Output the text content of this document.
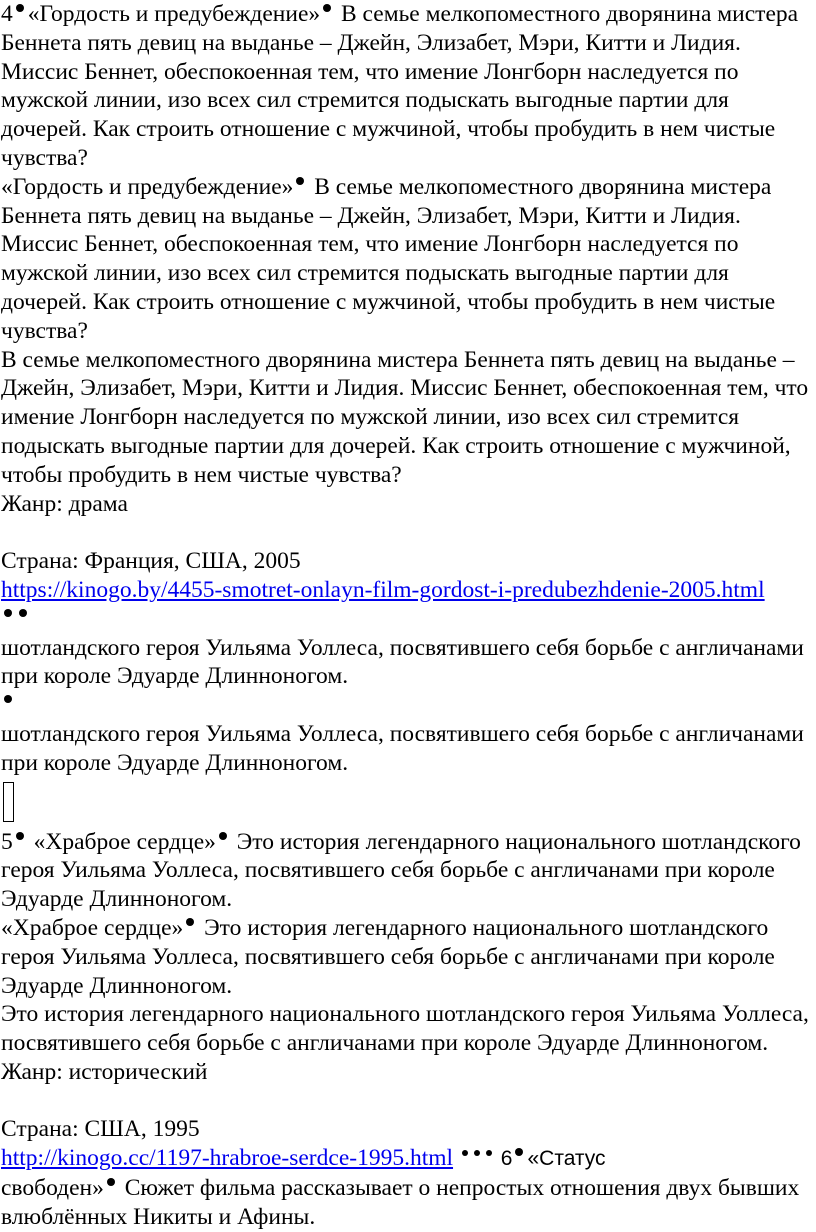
4 «Гордость и предубеждение» В семье мелкопоместного дворянина мистера Беннета пять девиц на выданье – Джейн, Элизабет, Мэри, Китти и Лидия. Миссис Беннет, обеспокоенная тем, что имение Лонгборн наследуется по мужской линии, изо всех сил стремится подыскать выгодные партии для дочерей. Как строить отношение с мужчиной, чтобы пробудить в нем чистые чувства?

«Гордость и предубеждение» В семье мелкопоместного дворянина мистера Беннета пять девиц на выданье – Джейн, Элизабет, Мэри, Китти и Лидия. Миссис Беннет, обеспокоенная тем, что имение Лонгборн наследуется по мужской линии, изо всех сил стремится подыскать выгодные партии для дочерей. Как строить отношение с мужчиной, чтобы пробудить в нем чистые чувства?

В семье мелкопоместного дворянина мистера Беннета пять девиц на выданье – Джейн, Элизабет, Мэри, Китти и Лидия. Миссис Беннет, обеспокоенная тем, что имение Лонгборн наследуется по мужской линии, изо всех сил стремится подыскать выгодные партии для дочерей. Как строить отношение с мужчиной, чтобы пробудить в нем чистые чувства?

Жанр: драма

Страна: Франция, США, 2005

https://kinogo.by/4455-smotret-onlayn-film-gordost-i-predubezhdenie-2005.html

шотландского героя Уильяма Уоллеса, посвятившего себя борьбе с англичанами при короле Эдуарде Длинноногом.

шотландского героя Уильяма Уоллеса, посвятившего себя борьбе с англичанами при короле Эдуарде Длинноногом.

5 «Храброе сердце» Это история легендарного национального шотландского героя Уильяма Уоллеса, посвятившего себя борьбе с англичанами при короле Эдуарде Длинноногом.

«Храброе сердце» Это история легендарного национального шотландского героя Уильяма Уоллеса, посвятившего себя борьбе с англичанами при короле Эдуарде Длинноногом.

Это история легендарного национального шотландского героя Уильяма Уоллеса, посвятившего себя борьбе с англичанами при короле Эдуарде Длинноногом.

Жанр: исторический

Страна: США, 1995

http://kinogo.cc/1197-hrabroe-serdce-1995.html 6 «Статус

свободен» Сюжет фильма рассказывает о непростых отношения двух бывших влюблённых Никиты и Афины.
